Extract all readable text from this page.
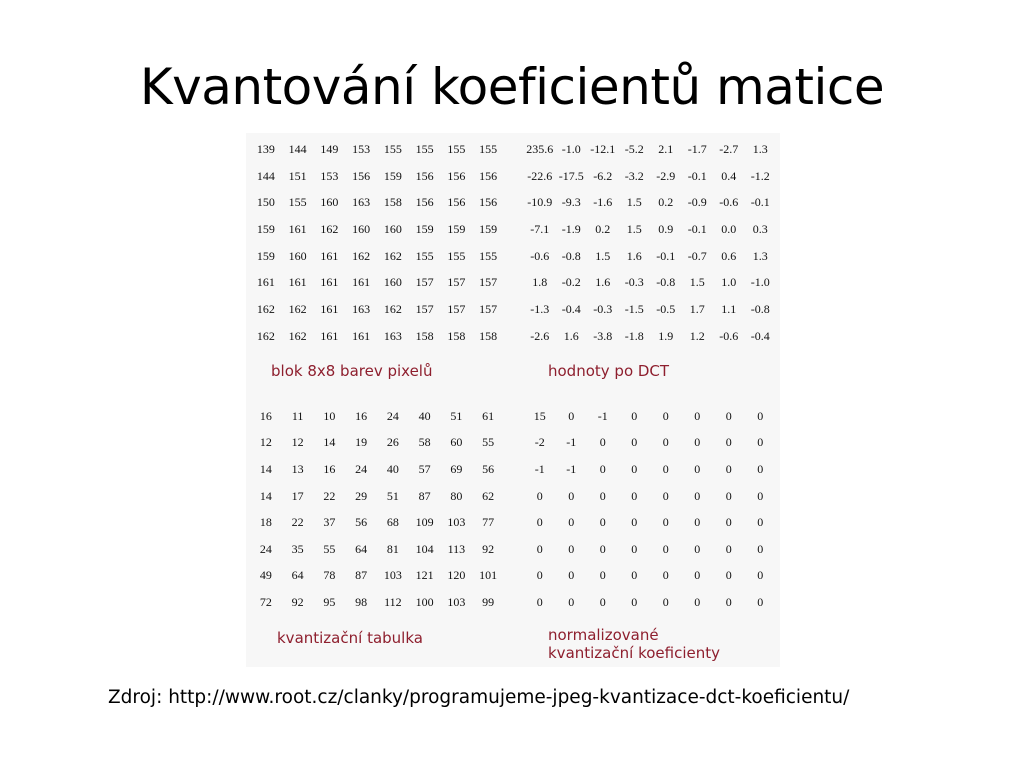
Kvantování koeficientů matice
139	144	149	153	155	155	155	155
144	151	153	156	159	156	156	156
150	155	160	163	158	156	156	156
159	161	162	160	160	159	159	159
159	160	161	162	162	155	155	155
161	161	161	161	160	157	157	157
162	162	161	163	162	157	157	157
162	162	161	161	163	158	158	158
235.6 -1.0 -12.1 -5.2	2.1	-1.7	-2.7	1.3
-22.6 -17.5 -6.2	-3.2	-2.9	-0.1	0.4	-1.2
-10.9 -9.3	-1.6	1.5	0.2	-0.9	-0.6	-0.1
-7.1	-1.9	0.2	1.5	0.9	-0.1	0.0	0.3
-0.6	-0.8	1.5	1.6	-0.1	-0.7	0.6	1.3
1.8	-0.2	1.6	-0.3	-0.8	1.5	1.0	-1.0
-1.3	-0.4	-0.3	-1.5	-0.5	1.7	1.1	-0.8
-2.6	1.6	-3.8	-1.8	1.9	1.2	-0.6	-0.4
blok 8x8 barev pixelů	hodnoty po DCT
16	11	10	16	24	40	51	61
12	12	14	19	26	58	60	55
14	13	16	24	40	57	69	56
14	17	22	29	51	87	80	62
18	22	37	56	68	109	103	77
24	35	55	64	81	104	113	92
49	64	78	87	103	121	120	101
72	92	95	98	112	100	103	99
15	0	-1	0	0	0	0	0
-2	-1	0	0	0	0	0	0
-1	-1	0	0	0	0	0	0
0	0	0	0	0	0	0	0
0	0	0	0	0	0	0	0
0	0	0	0	0	0	0	0
0	0	0	0	0	0	0	0
0	0	0	0	0	0	0	0
kvantizační tabulka	normalizované
kvantizační koeficienty
Zdroj: http://www.root.cz/clanky/programujeme-jpeg-kvantizace-dct-koeficientu/
